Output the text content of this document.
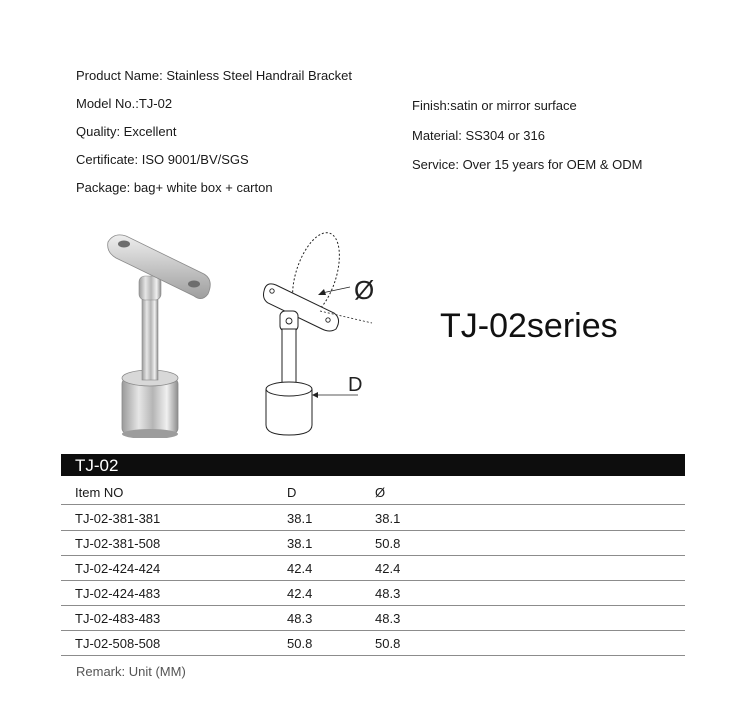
Product Name: Stainless Steel Handrail Bracket
Model No.:TJ-02
Quality: Excellent
Certificate: ISO 9001/BV/SGS
Package: bag+ white box + carton
Finish:satin or mirror surface
Material: SS304 or 316
Service: Over 15 years for OEM & ODM
Ø
D
TJ-02series
TJ-02
Item NO	D	Ø
TJ-02-381-381	38.1	38.1
TJ-02-381-508	38.1	50.8
TJ-02-424-424	42.4	42.4
TJ-02-424-483	42.4	48.3
TJ-02-483-483	48.3	48.3
TJ-02-508-508	50.8	50.8
Remark: Unit (MM)
